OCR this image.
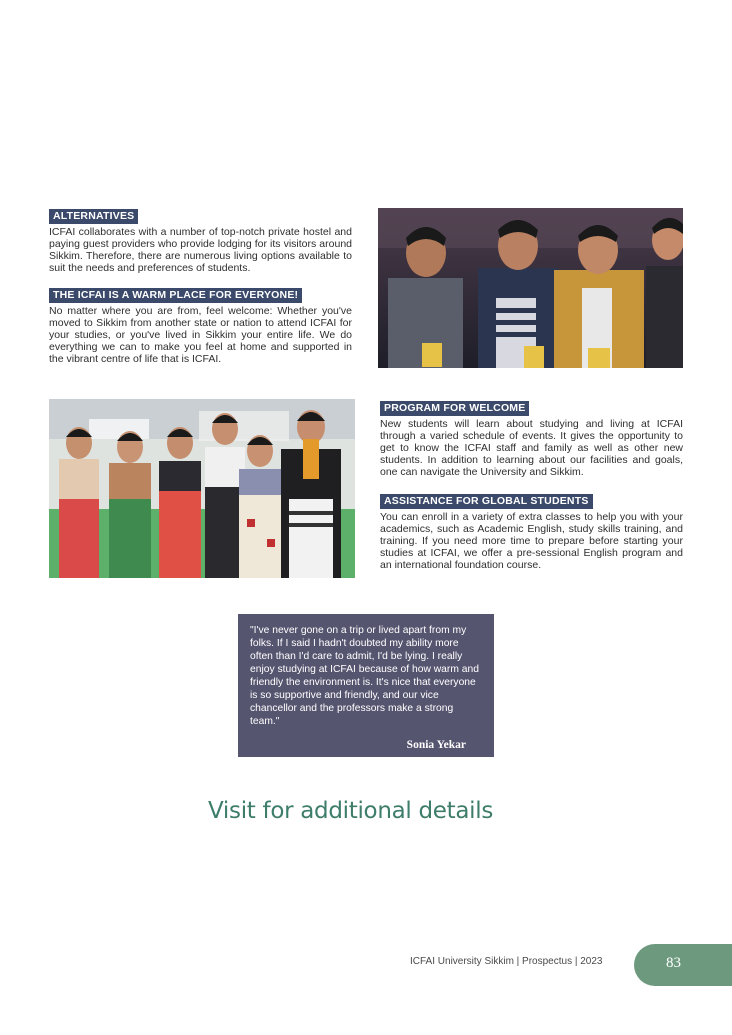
ALTERNATIVES

ICFAI collaborates with a number of top-notch private hostel and paying guest providers who provide lodging for its visitors around Sikkim. Therefore, there are numerous living options available to suit the needs and preferences of students.

THE ICFAI IS A WARM PLACE FOR EVERYONE!

No matter where you are from, feel welcome: Whether you've moved to Sikkim from another state or nation to attend ICFAI for your studies, or you've lived in Sikkim your entire life. We do everything we can to make you feel at home and supported in the vibrant centre of life that is ICFAI.

PROGRAM FOR WELCOME

New students will learn about studying and living at ICFAI through a varied schedule of events. It gives the opportunity to get to know the ICFAI staff and family as well as other new students. In addition to learning about our facilities and goals, one can navigate the University and Sikkim.

ASSISTANCE FOR GLOBAL STUDENTS

You can enroll in a variety of extra classes to help you with your academics, such as Academic English, study skills training, and training. If you need more time to prepare before starting your studies at ICFAI, we offer a pre-sessional English program and an international foundation course.

"I've never gone on a trip or lived apart from my folks. If I said I hadn't doubted my ability more often than I'd care to admit, I'd be lying. I really enjoy studying at ICFAI because of how warm and friendly the environment is. It's nice that everyone is so supportive and friendly, and our vice chancellor and the professors make a strong team."

Sonia Yekar
Visit for additional details
ICFAI University Sikkim | Prospectus | 2023	83
